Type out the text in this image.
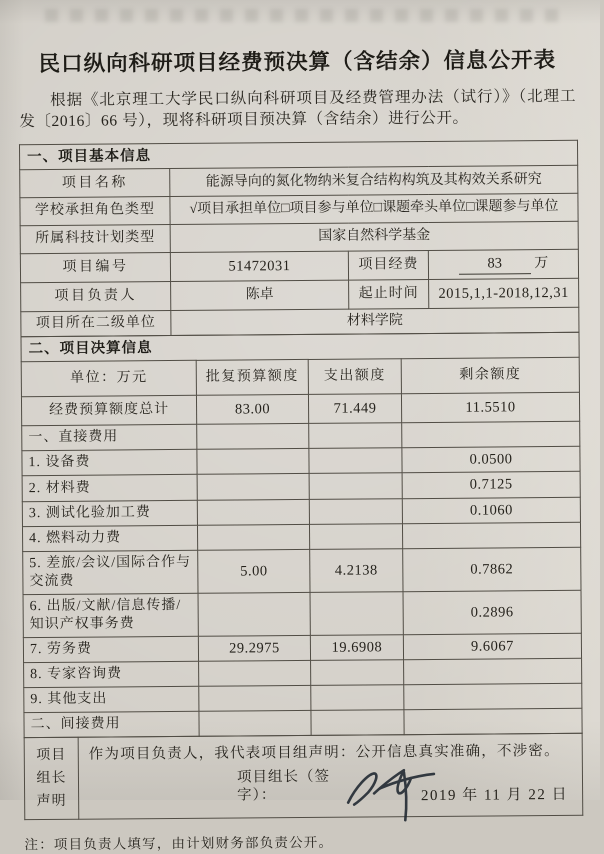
民口纵向科研项目经费预决算（含结余）信息公开表

根据《北京理工大学民口纵向科研项目及经费管理办法（试行）》（北理工发〔2016〕66 号），现将科研项目预决算（含结余）进行公开。

一、项目基本信息			
项目名称	能源导向的氮化物纳米复合结构构筑及其构效关系研究		
学校承担角色类型	√项目承担单位□项目参与单位□课题牵头单位□课题参与单位		
所属科技计划类型	国家自然科学基金		
项目编号	51472031	项目经费	83 万
项目负责人	陈卓	起止时间	2015,1,1-2018,12,31
项目所在二级单位	材料学院		
二、项目决算信息			
单位：万元	批复预算额度	支出额度	剩余额度
经费预算额度总计	83.00	71.449	11.5510
一、直接费用			
1. 设备费			0.0500
2. 材料费			0.7125
3. 测试化验加工费			0.1060
4. 燃料动力费			
5. 差旅/会议/国际合作与交流费	5.00	4.2138	0.7862
6. 出版/文献/信息传播/知识产权事务费			0.2896
7. 劳务费	29.2975	19.6908	9.6067
8. 专家咨询费			
9. 其他支出			
二、间接费用			
项目
组长
声明

作为项目负责人，我代表项目组声明：公开信息真实准确，不涉密。
项目组长（签字）：	2019 年 11 月 22 日
注：项目负责人填写，由计划财务部负责公开。
